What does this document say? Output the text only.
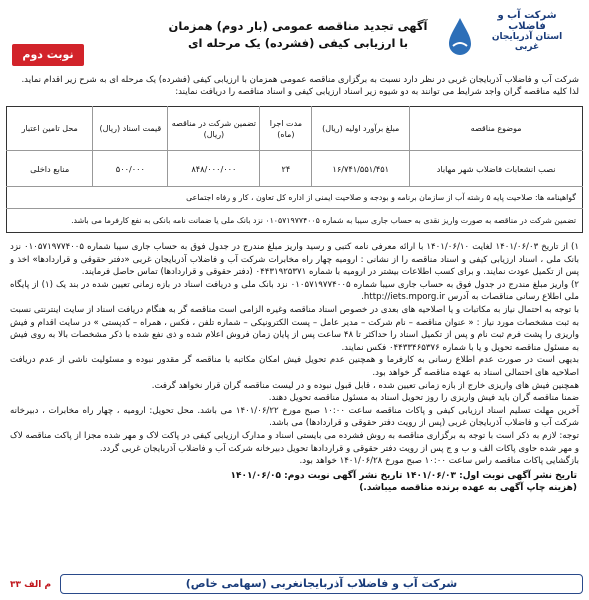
شرکت آب و فاضلاب
استان آذربایجان غربی
آگهی تجدید مناقصه عمومی (بار دوم) همزمان با ارزیابی کیفی (فشرده) یک مرحله ای
نوبت دوم
شرکت آب و فاضلاب آذربایجان غربی در نظر دارد نسبت به برگزاری مناقصه عمومی همزمان با ارزیابی کیفی (فشرده) یک مرحله ای به شرح زیر اقدام نماید.
لذا کلیه مناقصه گران واجد شرایط می توانند به دو شیوه زیر اسناد ارزیابی کیفی و اسناد مناقصه را دریافت نمایند:
موضوع مناقصه	مبلغ برآورد اولیه (ریال)	مدت اجرا (ماه)	تضمین شرکت در مناقصه (ریال)	قیمت اسناد (ریال)	محل تامین اعتبار
نصب انشعابات فاضلاب شهر مهاباد	۱۶/۷۴۱/۵۵۱/۴۵۱	۲۴	۸۴۸/۰۰۰/۰۰۰	۵۰۰/۰۰۰	منابع داخلی
گواهینامه ها: صلاحیت پایه ۵ رشته آب از سازمان برنامه و بودجه و صلاحیت ایمنی از اداره کل تعاون ، کار و رفاه اجتماعی					
تضمین شرکت در مناقصه به صورت واریز نقدی به حساب جاری سیبا به شماره ۰۱۰۵۷۱۹۷۷۴۰۰۵ نزد بانک ملی یا ضمانت نامه بانکی به نفع کارفرما می باشد.					

۱) از تاریخ ۱۴۰۱/۰۶/۰۳ لغایت ۱۴۰۱/۰۶/۱۰ با ارائه معرفی نامه کتبی و رسید واریز مبلغ مندرج در جدول فوق به حساب جاری سیبا شماره ۰۱۰۵۷۱۹۷۷۴۰۰۵ نزد بانک ملی ، اسناد ارزیابی کیفی و اسناد مناقصه را از نشانی : ارومیه چهار راه مخابرات شرکت آب و فاضلاب آذربایجان غربی «دفتر حقوقی و قراردادها» اخذ و پس از تکمیل عودت نمایند. و برای کسب اطلاعات بیشتر در ارومیه با شماره ۰۴۴۳۱۹۲۵۳۷۱ (دفتر حقوقی و قراردادها) تماس حاصل فرمایند.

۲) واریز مبلغ مندرج در جدول فوق به حساب جاری سیبا شماره ۰۱۰۵۷۱۹۷۷۴۰۰۵ نزد بانک ملی و دریافت اسناد در بازه زمانی تعیین شده در بند یک (۱) از پایگاه ملی اطلاع رسانی مناقصات به آدرس http://iets.mporg.ir.

با توجه به احتمال نیاز به مکاتبات و یا اصلاحیه های بعدی در خصوص اسناد مناقصه وغیره الزامی است مناقصه گر به هنگام دریافت اسناد از سایت اینترنتی نسبت به ثبت مشخصات مورد نیاز : « عنوان مناقصه – نام شرکت – مدیر عامل – پست الکترونیکی – شماره تلفن ، فکس ، همراه – کدپستی » در سایت اقدام و فیش واریزی را پشت فرم ثبت نام و پس از تکمیل اسناد را حداکثر تا ۴۸ ساعت پس از پایان زمان فروش اعلام شده و ذی نفع شده با ذکر مشخصات بالا به روی فیش به مسئول مناقصه تحویل و یا با شماره ۰۴۴۳۳۴۶۵۳۷۶ فکس نمایند.

بدیهی است در صورت عدم اطلاع رسانی به کارفرما و همچنین عدم تحویل فیش امکان مکاتبه با مناقصه گر مقدور نبوده و مسئولیت ناشی از عدم دریافت اصلاحیه های احتمالی اسناد به عهده مناقصه گر خواهد بود.

همچنین فیش های واریزی خارج از بازه زمانی تعیین شده ، قابل قبول نبوده و در لیست مناقصه گران قرار نخواهد گرفت.

ضمنا مناقصه گران باید فیش واریزی را روز تحویل اسناد به مسئول مناقصه تحویل دهند.

آخرین مهلت تسلیم اسناد ارزیابی کیفی و پاکات مناقصه ساعت ۱۰:۰۰ صبح مورخ ۱۴۰۱/۰۶/۲۲ می باشد. محل تحویل: ارومیه ، چهار راه مخابرات ، دبیرخانه شرکت آب و فاضلاب آذربایجان غربی (پس از رویت دفتر حقوقی و قراردادها) می باشد.

توجه: لازم به ذکر است با توجه به برگزاری مناقصه به روش فشرده می بایستی اسناد و مدارک ارزیابی کیفی در پاکت لاک و مهر شده مجزا از پاکت مناقصه لاک و مهر شده حاوی پاکات الف و ب و ج پس از رویت دفتر حقوقی و قراردادها تحویل دبیرخانه شرکت آب و فاضلاب آذربایجان غربی گردد.

بازگشایی پاکات مناقصه راس ساعت ۱۰:۰۰ صبح مورخ ۱۴۰۱/۰۶/۲۸ خواهد بود.

تاریخ نشر آگهی نوبت اول: ۱۴۰۱/۰۶/۰۳ تاریخ نشر آگهی نوبت دوم: ۱۴۰۱/۰۶/۰۵
(هزینه چاپ آگهی به عهده برنده مناقصه میباشد.)
شرکت آب و فاضلاب آذربایجانغربی (سهامی خاص)
م الف ۳۳
